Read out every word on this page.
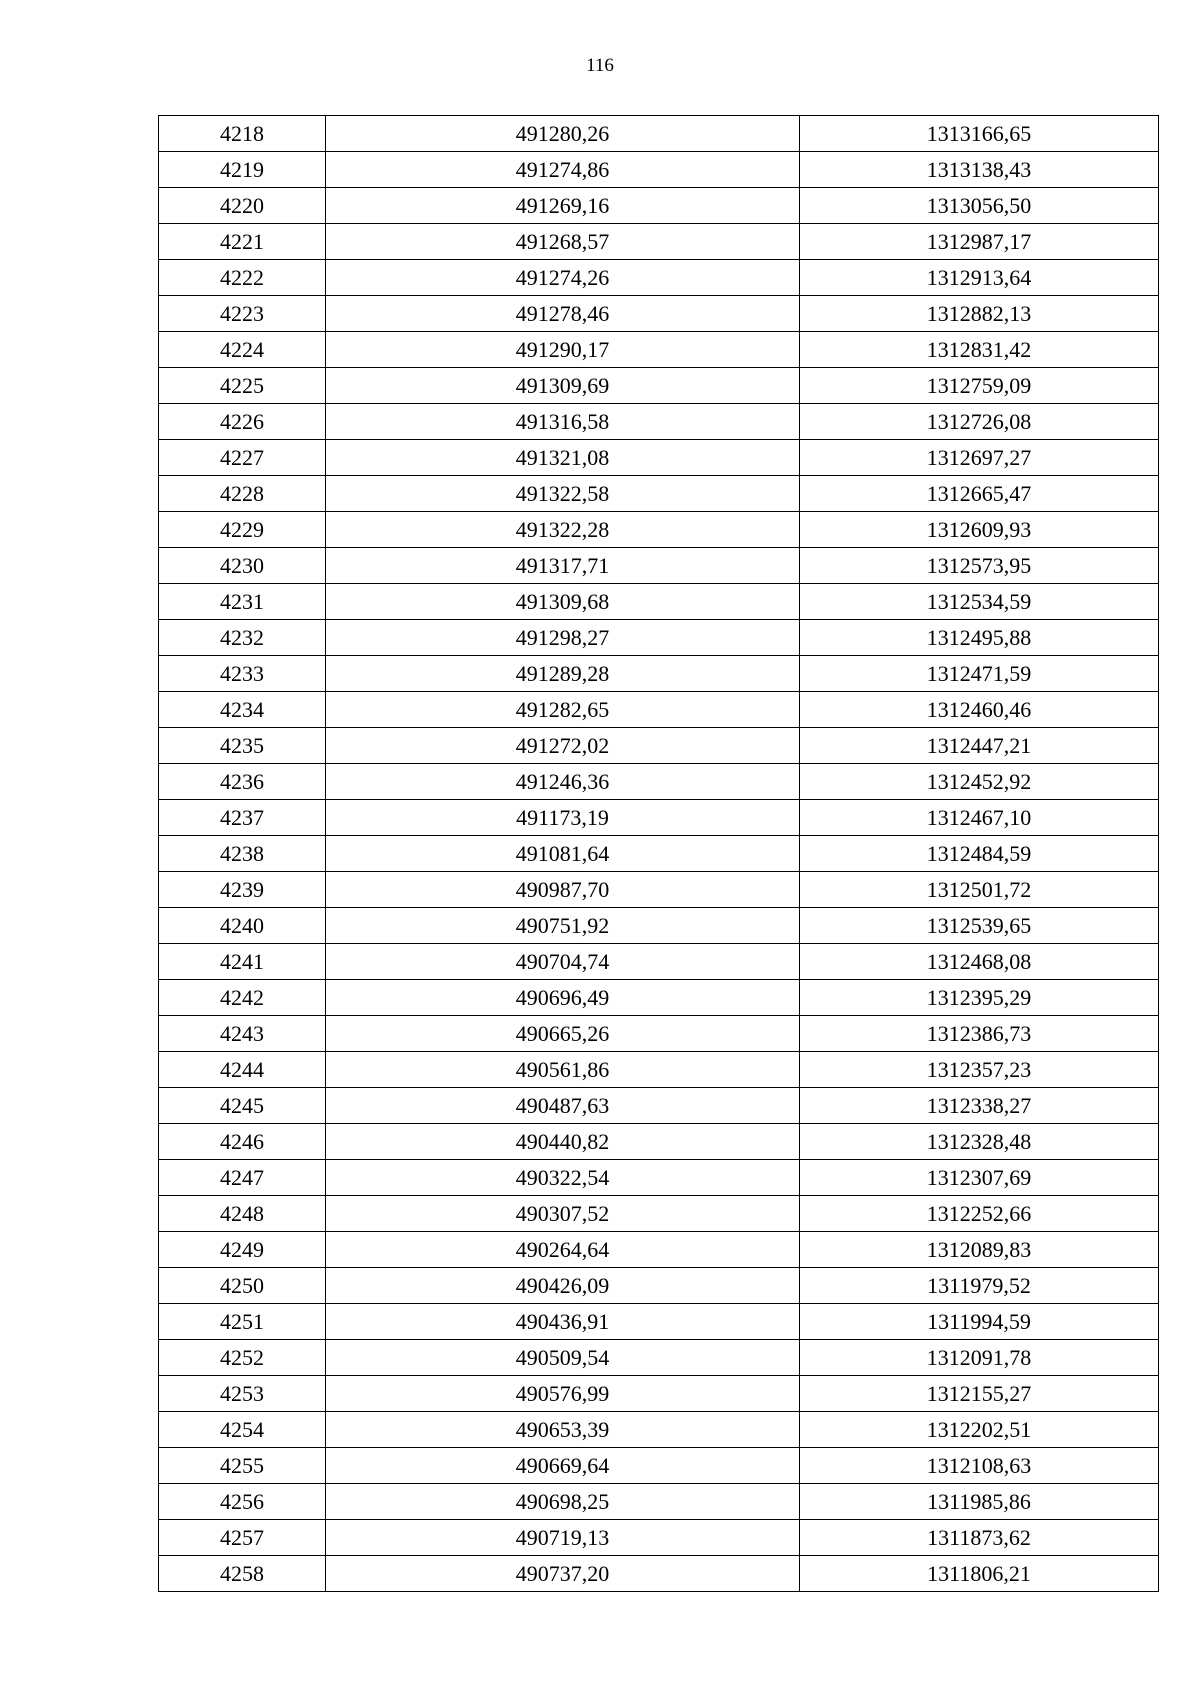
116
4218	491280,26	1313166,65
4219	491274,86	1313138,43
4220	491269,16	1313056,50
4221	491268,57	1312987,17
4222	491274,26	1312913,64
4223	491278,46	1312882,13
4224	491290,17	1312831,42
4225	491309,69	1312759,09
4226	491316,58	1312726,08
4227	491321,08	1312697,27
4228	491322,58	1312665,47
4229	491322,28	1312609,93
4230	491317,71	1312573,95
4231	491309,68	1312534,59
4232	491298,27	1312495,88
4233	491289,28	1312471,59
4234	491282,65	1312460,46
4235	491272,02	1312447,21
4236	491246,36	1312452,92
4237	491173,19	1312467,10
4238	491081,64	1312484,59
4239	490987,70	1312501,72
4240	490751,92	1312539,65
4241	490704,74	1312468,08
4242	490696,49	1312395,29
4243	490665,26	1312386,73
4244	490561,86	1312357,23
4245	490487,63	1312338,27
4246	490440,82	1312328,48
4247	490322,54	1312307,69
4248	490307,52	1312252,66
4249	490264,64	1312089,83
4250	490426,09	1311979,52
4251	490436,91	1311994,59
4252	490509,54	1312091,78
4253	490576,99	1312155,27
4254	490653,39	1312202,51
4255	490669,64	1312108,63
4256	490698,25	1311985,86
4257	490719,13	1311873,62
4258	490737,20	1311806,21
